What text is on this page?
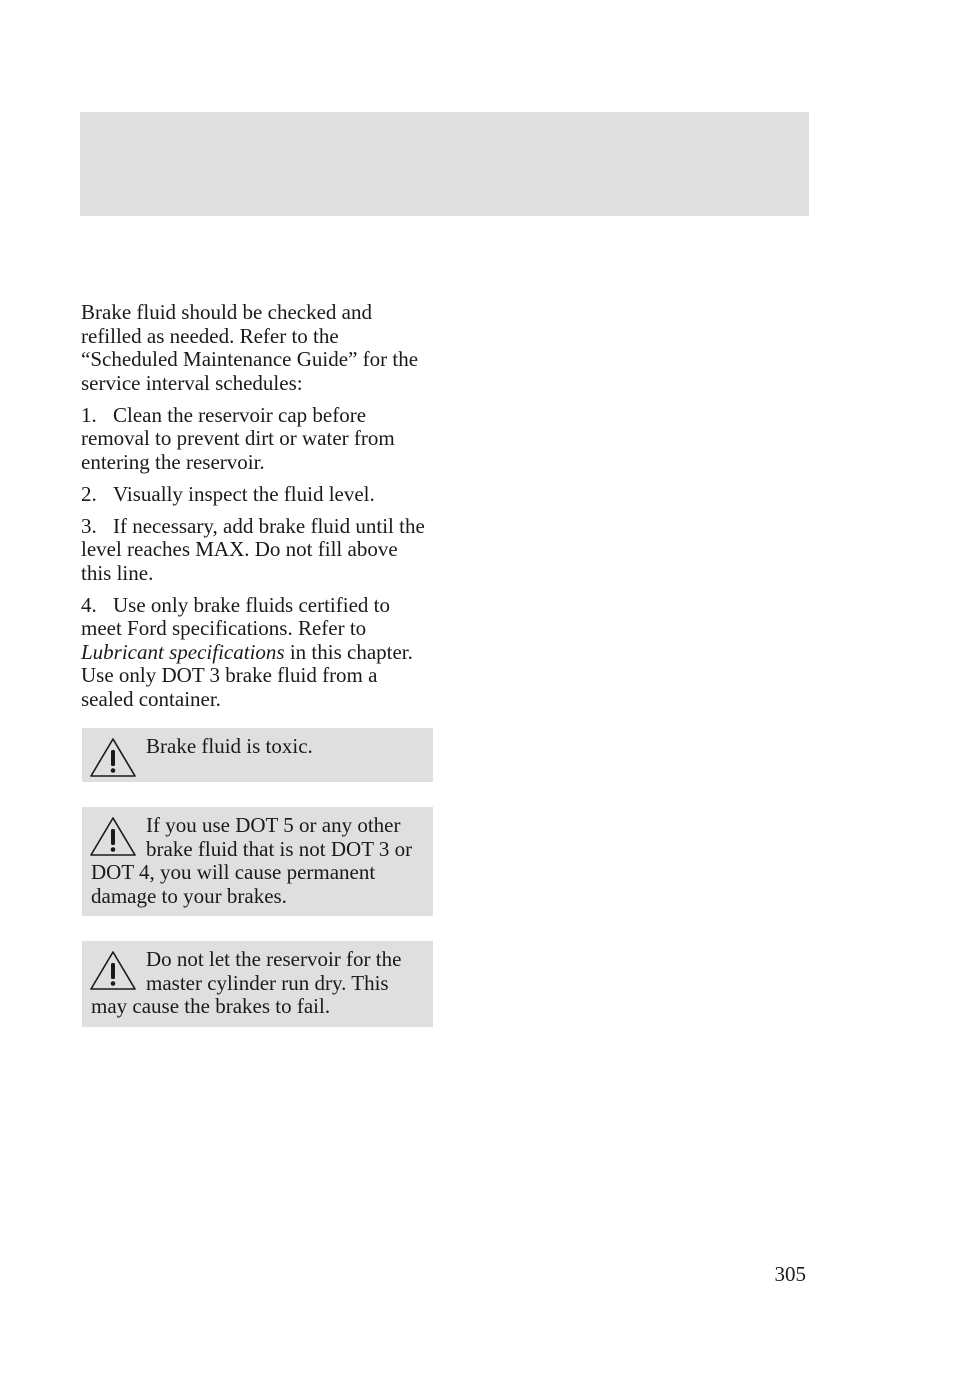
Brake fluid should be checked and refilled as needed. Refer to the “Scheduled Maintenance Guide” for the service interval schedules:

1. Clean the reservoir cap before removal to prevent dirt or water from entering the reservoir.

2. Visually inspect the fluid level.

3. If necessary, add brake fluid until the level reaches MAX. Do not fill above this line.

4. Use only brake fluids certified to meet Ford specifications. Refer to Lubricant specifications in this chapter. Use only DOT 3 brake fluid from a sealed container.

Brake fluid is toxic.
If you use DOT 5 or any other brake fluid that is not DOT 3 or DOT 4, you will cause permanent damage to your brakes.
Do not let the reservoir for the master cylinder run dry. This may cause the brakes to fail.
305
